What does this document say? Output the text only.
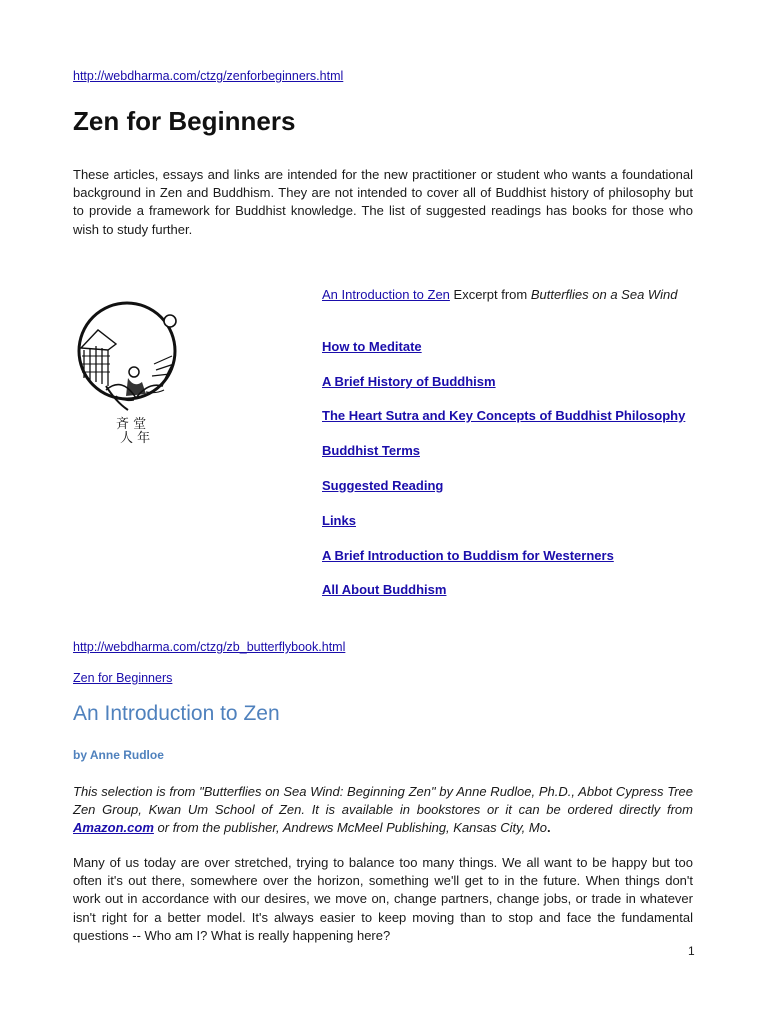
http://webdharma.com/ctzg/zenforbeginners.html
Zen for Beginners

These articles, essays and links are intended for the new practitioner or student who wants a foundational background in Zen and Buddhism. They are not intended to cover all of Buddhist history of philosophy but to provide a framework for Buddhist knowledge. The list of suggested readings has books for those who wish to study further.

斉 堂
人 年
An Introduction to Zen Excerpt from Butterflies on a Sea Wind
How to Meditate
A Brief History of Buddhism
The Heart Sutra and Key Concepts of Buddhist Philosophy
Buddhist Terms
Suggested Reading
Links
A Brief Introduction to Buddism for Westerners
All About Buddhism
http://webdharma.com/ctzg/zb_butterflybook.html
Zen for Beginners
An Introduction to Zen
by Anne Rudloe

This selection is from "Butterflies on Sea Wind: Beginning Zen" by Anne Rudloe, Ph.D., Abbot Cypress Tree Zen Group, Kwan Um School of Zen. It is available in bookstores or it can be ordered directly from Amazon.com or from the publisher, Andrews McMeel Publishing, Kansas City, Mo.

Many of us today are over stretched, trying to balance too many things. We all want to be happy but too often it's out there, somewhere over the horizon, something we'll get to in the future. When things don't work out in accordance with our desires, we move on, change partners, change jobs, or trade in whatever isn't right for a better model. It's always easier to keep moving than to stop and face the fundamental questions -- Who am I? What is really happening here?

1
